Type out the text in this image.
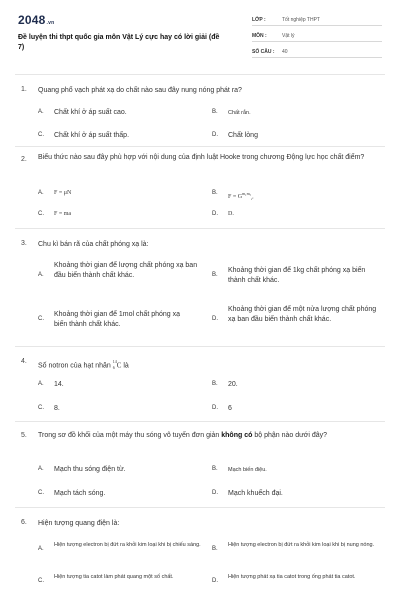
2048.vn
Đề luyện thi thpt quốc gia môn Vật Lý cực hay có lời giải (đề 7)
LỚP :	Tốt nghiệp THPT
MÔN :	Vật lý
SỐ CÂU : 40
1. Quang phổ vạch phát xạ do chất nào sau đây nung nóng phát ra?
A. Chất khí ở áp suất cao.	B. Chất rắn.
C. Chất khí ở áp suất thấp.	D. Chất lỏng
2. Biểu thức nào sau đây phù hợp với nội dung của định luật Hooke trong chương Động lực học chất điểm?
A. F = μN	B.
$F = G^{m_1m_2}_{r^2}$
C. F = ma	D. D.
3. Chu kì bán rã của chất phóng xạ là:
A.
Khoảng thời gian để lượng chất phóng xạ ban đầu biến thành chất khác.	B.
Khoảng thời gian để 1kg chất phóng xạ biến thành chất khác.
C.
Khoảng thời gian để 1mol chất phóng xạ biến thành chất khác.
D.
Khoảng thời gian để một nửa lượng chất phóng xạ ban đầu biến thành chất khác.
4.
Số notron của hạt nhân $^{14}$
6 C là
A. 14.	B. 20.
C. 8.	D. 6
5. Trong sơ đồ khối của một máy thu sóng vô tuyến đơn giản không có bộ phận nào dưới đây?
A. Mạch thu sóng điện từ.	B. Mạch biến điệu.
C. Mạch tách sóng.	D. Mạch khuếch đại.
6. Hiện tượng quang điện là:
A.
Hiện tượng electron bị đứt ra khỏi kim loại khi bị chiếu sáng.
B.
Hiện tượng electron bị đứt ra khỏi kim loại khi bị nung nóng.
C.
Hiện tượng tia catot làm phát quang một số chất.
D.
Hiện tượng phát xạ tia catot trong ống phát tia catot.
